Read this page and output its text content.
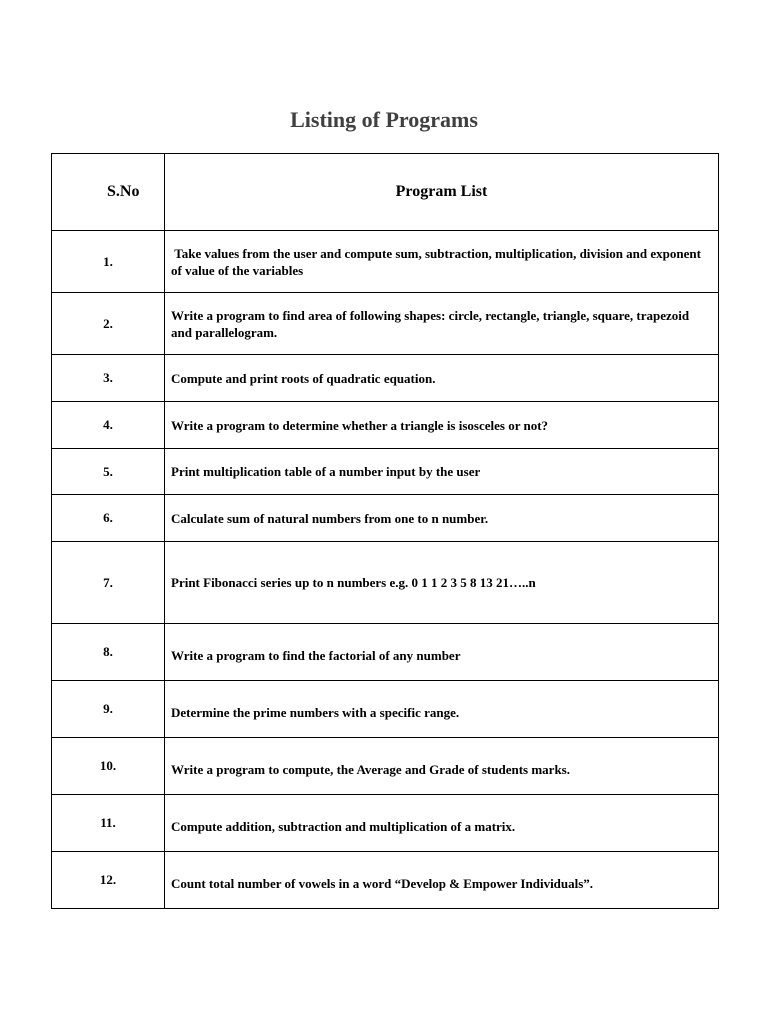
Listing of Programs
S.No	Program List
1.	Take values from the user and compute sum, subtraction, multiplication, division and exponent of value of the variables
2.	Write a program to find area of following shapes: circle, rectangle, triangle, square, trapezoid and parallelogram.
3.	Compute and print roots of quadratic equation.
4.	Write a program to determine whether a triangle is isosceles or not?
5.	Print multiplication table of a number input by the user
6.	Calculate sum of natural numbers from one to n number.
7.	Print Fibonacci series up to n numbers e.g. 0 1 1 2 3 5 8 13 21…..n
8.	Write a program to find the factorial of any number
9.	Determine the prime numbers with a specific range.
10.	Write a program to compute, the Average and Grade of students marks.
11.	Compute addition, subtraction and multiplication of a matrix.
12.	Count total number of vowels in a word “Develop & Empower Individuals”.
